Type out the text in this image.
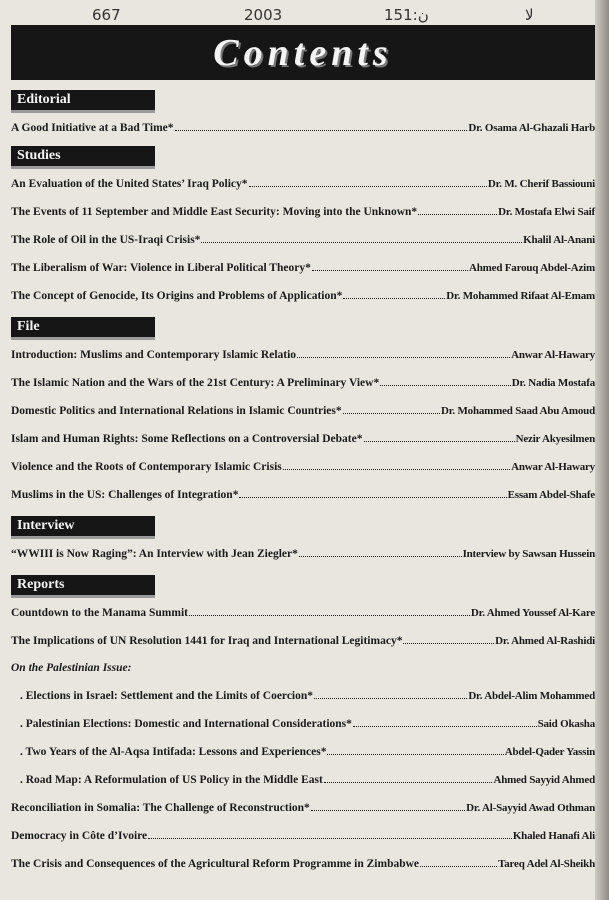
667	2003	ن:151	لا
Contents
Editorial
A Good Initiative at a Bad Time*	Dr. Osama Al-Ghazali Harb
Studies
An Evaluation of the United States’ Iraq Policy*	Dr. M. Cherif Bassiouni
The Events of 11 September and Middle East Security: Moving into the Unknown*	Dr. Mostafa Elwi Saif
The Role of Oil in the US-Iraqi Crisis*	Khalil Al-Anani
The Liberalism of War: Violence in Liberal Political Theory*	Ahmed Farouq Abdel-Azim
The Concept of Genocide, Its Origins and Problems of Application*	Dr. Mohammed Rifaat Al-Emam
File
Introduction: Muslims and Contemporary Islamic Relatio	Anwar Al-Hawary
The Islamic Nation and the Wars of the 21st Century: A Preliminary View*	Dr. Nadia Mostafa
Domestic Politics and International Relations in Islamic Countries*	Dr. Mohammed Saad Abu Amoud
Islam and Human Rights: Some Reflections on a Controversial Debate*	Nezir Akyesilmen
Violence and the Roots of Contemporary Islamic Crisis	Anwar Al-Hawary
Muslims in the US: Challenges of Integration*	Essam Abdel-Shafe
Interview
“WWIII is Now Raging”: An Interview with Jean Ziegler*	Interview by Sawsan Hussein
Reports
Countdown to the Manama Summit	Dr. Ahmed Youssef Al-Kare
The Implications of UN Resolution 1441 for Iraq and International Legitimacy*	Dr. Ahmed Al-Rashidi
On the Palestinian Issue:
. Elections in Israel: Settlement and the Limits of Coercion*	Dr. Abdel-Alim Mohammed
. Palestinian Elections: Domestic and International Considerations*	Said Okasha
. Two Years of the Al-Aqsa Intifada: Lessons and Experiences*	Abdel-Qader Yassin
. Road Map: A Reformulation of US Policy in the Middle East	Ahmed Sayyid Ahmed
Reconciliation in Somalia: The Challenge of Reconstruction*	Dr. Al-Sayyid Awad Othman
Democracy in Côte d’Ivoire	Khaled Hanafi Ali
The Crisis and Consequences of the Agricultural Reform Programme in Zimbabwe	Tareq Adel Al-Sheikh
